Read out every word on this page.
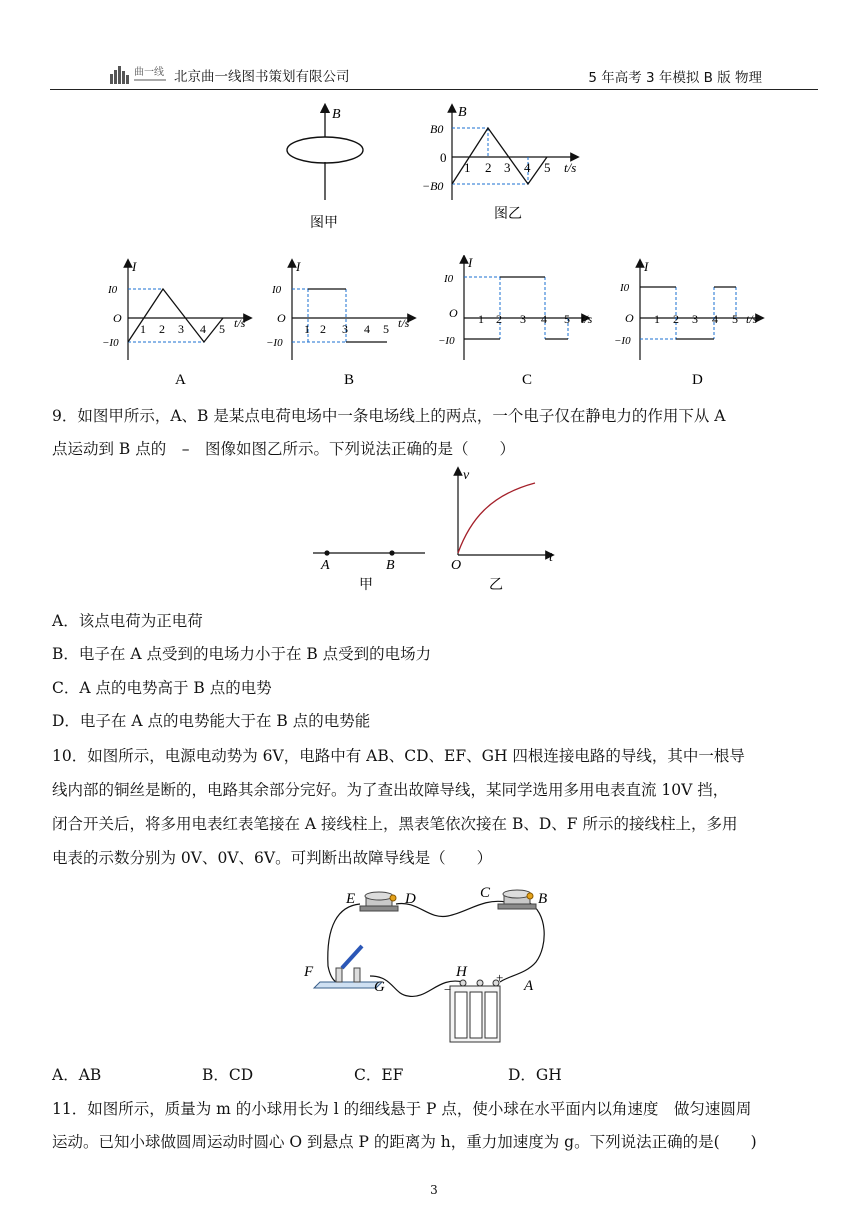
曲一线 北京曲一线图书策划有限公司	5 年高考 3 年模拟 B 版 物理
B
图甲
B
B0
0
−B0
1 2 3 4 5 t/s
图乙
I
I0
O
−I0
1 2 3 4 5 t/s
A
I
I0
O
−I0
1 2 3 4 5 t/s
B
I
I0
O
−I0
1 2 3 4 5 t/s
C
I
I0
O
−I0
1 2 3 4 5 t/s
D
9．如图甲所示，A、B 是某点电荷电场中一条电场线上的两点，一个电子仅在静电力的作用下从 A
点运动到 B 点的　–　图像如图乙所示。下列说法正确的是（　　）
A	B
甲
v
t
O
乙
A．该点电荷为正电荷
B．电子在 A 点受到的电场力小于在 B 点受到的电场力
C．A 点的电势高于 B 点的电势
D．电子在 A 点的电势能大于在 B 点的电势能
10．如图所示，电源电动势为 6V，电路中有 AB、CD、EF、GH 四根连接电路的导线，其中一根导
线内部的铜丝是断的，电路其余部分完好。为了查出故障导线，某同学选用多用电表直流 10V 挡，
闭合开关后，将多用电表红表笔接在 A 接线柱上，黑表笔依次接在 B、D、F 所示的接线柱上，多用
电表的示数分别为 0V、0V、6V。可判断出故障导线是（　　）
E	D	C	B
F
G
H
A
−
+
A．AB	B．CD	C．EF	D．GH
11．如图所示，质量为 m 的小球用长为 l 的细线悬于 P 点，使小球在水平面内以角速度　做匀速圆周
运动。已知小球做圆周运动时圆心 O 到悬点 P 的距离为 h，重力加速度为 g。下列说法正确的是(　　)
3
